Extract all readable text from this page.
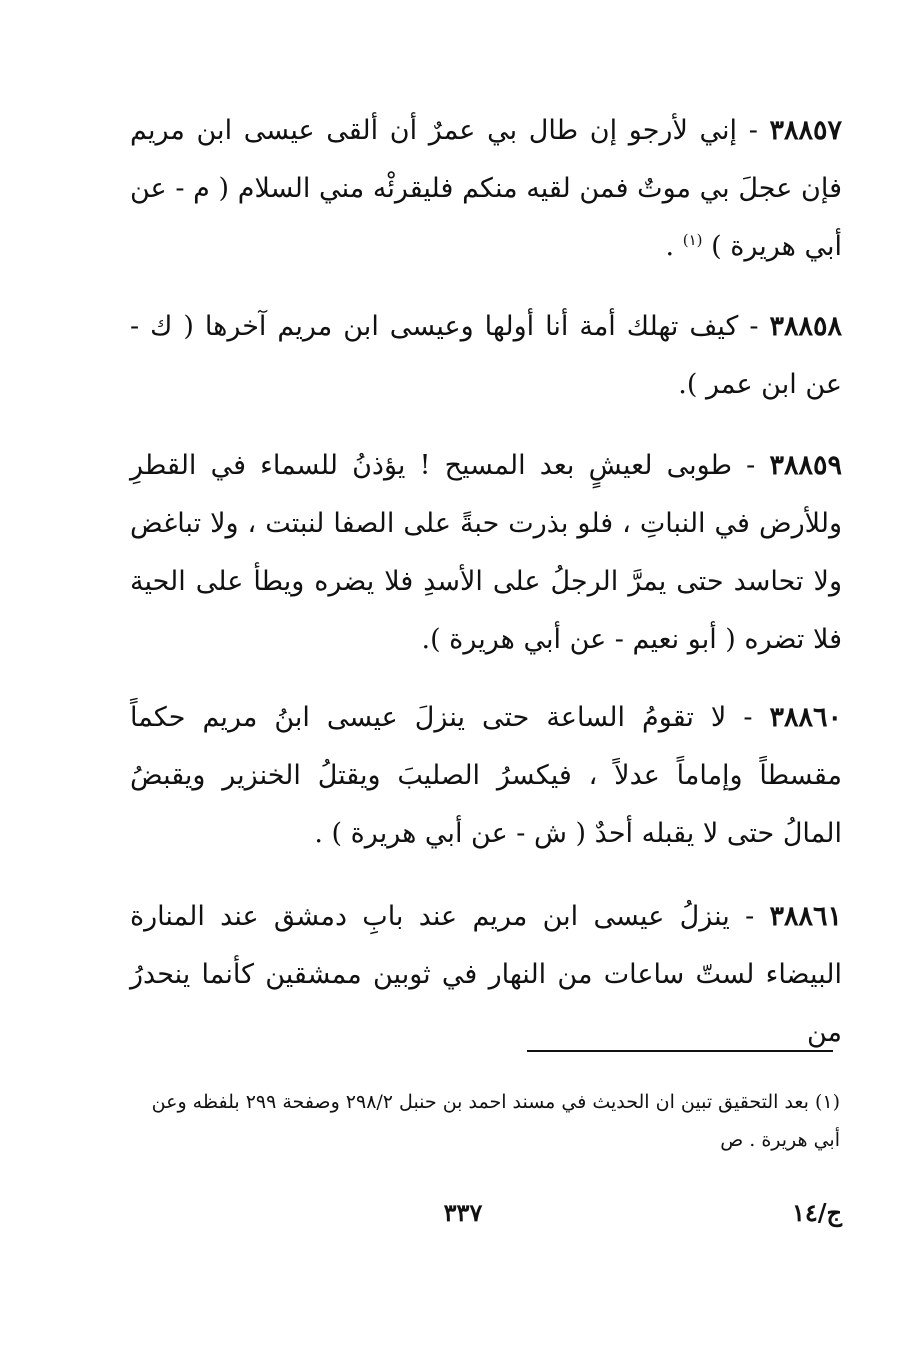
٣٨٨٥٧ - إني لأرجو إن طال بي عمرٌ أن ألقى عيسى ابن مريم فإن عجلَ بي موتٌ فمن لقيه منكم فليقرئْه مني السلام ( م - عن أبي هريرة ) $^{(١)}$ .

٣٨٨٥٨ - كيف تهلك أمة أنا أولها وعيسى ابن مريم آخرها ( ك - عن ابن عمر ).

٣٨٨٥٩ - طوبى لعيشٍ بعد المسيح ! يؤذنُ للسماء في القطرِ وللأرض في النباتِ ، فلو بذرت حبةً على الصفا لنبتت ، ولا تباغض ولا تحاسد حتى يمرَّ الرجلُ على الأسدِ فلا يضره ويطأ على الحية فلا تضره ( أبو نعيم - عن أبي هريرة ).

٣٨٨٦٠ - لا تقومُ الساعة حتى ينزلَ عيسى ابنُ مريم حكماً مقسطاً وإماماً عدلاً ، فيكسرُ الصليبَ ويقتلُ الخنزير ويقبضُ المالُ حتى لا يقبله أحدٌ ( ش - عن أبي هريرة ) .

٣٨٨٦١ - ينزلُ عيسى ابن مريم عند بابِ دمشق عند المنارة البيضاء لستّ ساعات من النهار في ثوبين ممشقين كأنما ينحدرُ من

(١) بعد التحقيق تبين ان الحديث في مسند احمد بن حنبل ٢٩٨/٢ وصفحة ٢٩٩ بلفظه وعن أبي هريرة . ص

٣٣٧	ج/١٤
